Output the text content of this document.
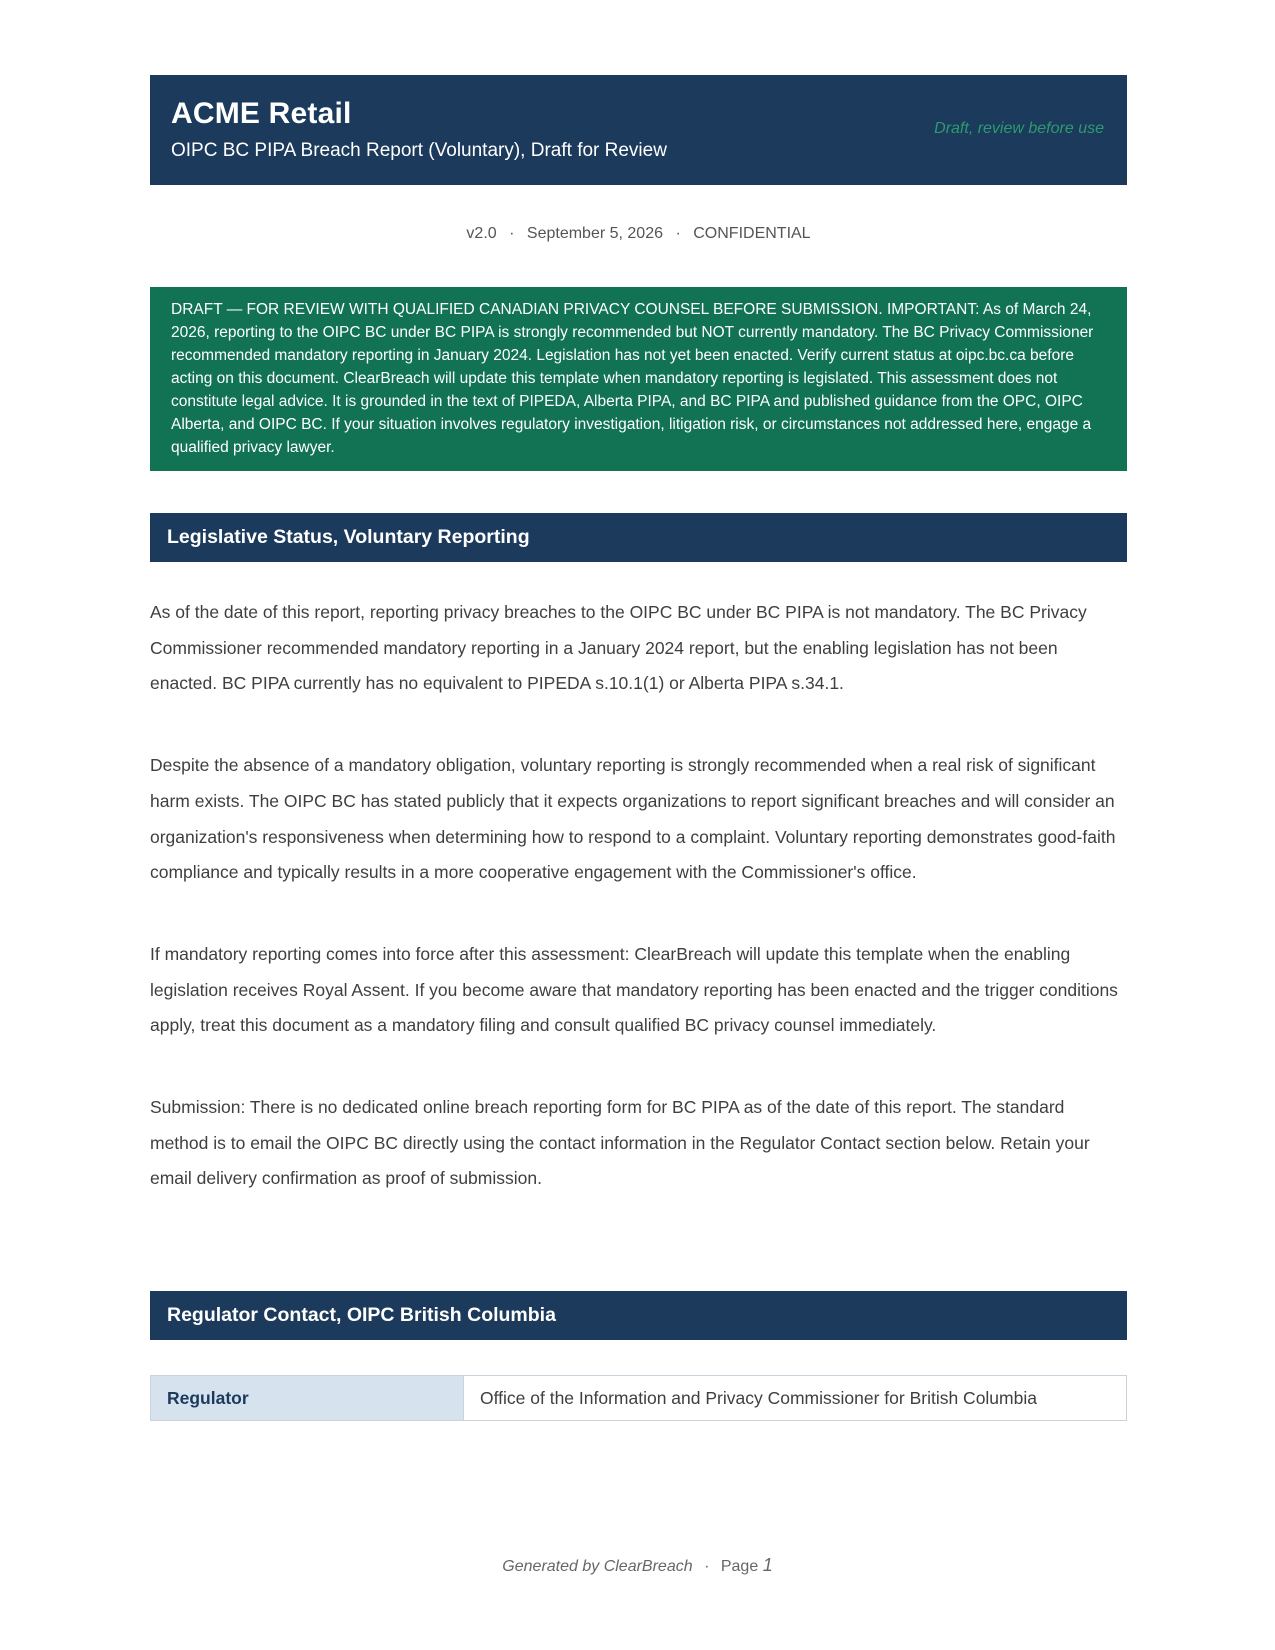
ACME Retail
OIPC BC PIPA Breach Report (Voluntary), Draft for Review
Draft, review before use
v2.0 · September 5, 2026 · CONFIDENTIAL
DRAFT — FOR REVIEW WITH QUALIFIED CANADIAN PRIVACY COUNSEL BEFORE SUBMISSION. IMPORTANT: As of March 24, 2026, reporting to the OIPC BC under BC PIPA is strongly recommended but NOT currently mandatory. The BC Privacy Commissioner recommended mandatory reporting in January 2024. Legislation has not yet been enacted. Verify current status at oipc.bc.ca before acting on this document. ClearBreach will update this template when mandatory reporting is legislated. This assessment does not constitute legal advice. It is grounded in the text of PIPEDA, Alberta PIPA, and BC PIPA and published guidance from the OPC, OIPC Alberta, and OIPC BC. If your situation involves regulatory investigation, litigation risk, or circumstances not addressed here, engage a qualified privacy lawyer.
Legislative Status, Voluntary Reporting

As of the date of this report, reporting privacy breaches to the OIPC BC under BC PIPA is not mandatory. The BC Privacy Commissioner recommended mandatory reporting in a January 2024 report, but the enabling legislation has not been enacted. BC PIPA currently has no equivalent to PIPEDA s.10.1(1) or Alberta PIPA s.34.1.

Despite the absence of a mandatory obligation, voluntary reporting is strongly recommended when a real risk of significant harm exists. The OIPC BC has stated publicly that it expects organizations to report significant breaches and will consider an organization's responsiveness when determining how to respond to a complaint. Voluntary reporting demonstrates good-faith compliance and typically results in a more cooperative engagement with the Commissioner's office.

If mandatory reporting comes into force after this assessment: ClearBreach will update this template when the enabling legislation receives Royal Assent. If you become aware that mandatory reporting has been enacted and the trigger conditions apply, treat this document as a mandatory filing and consult qualified BC privacy counsel immediately.

Submission: There is no dedicated online breach reporting form for BC PIPA as of the date of this report. The standard method is to email the OIPC BC directly using the contact information in the Regulator Contact section below. Retain your email delivery confirmation as proof of submission.

Regulator Contact, OIPC British Columbia
Regulator	Office of the Information and Privacy Commissioner for British Columbia
Generated by ClearBreach · Page 1
